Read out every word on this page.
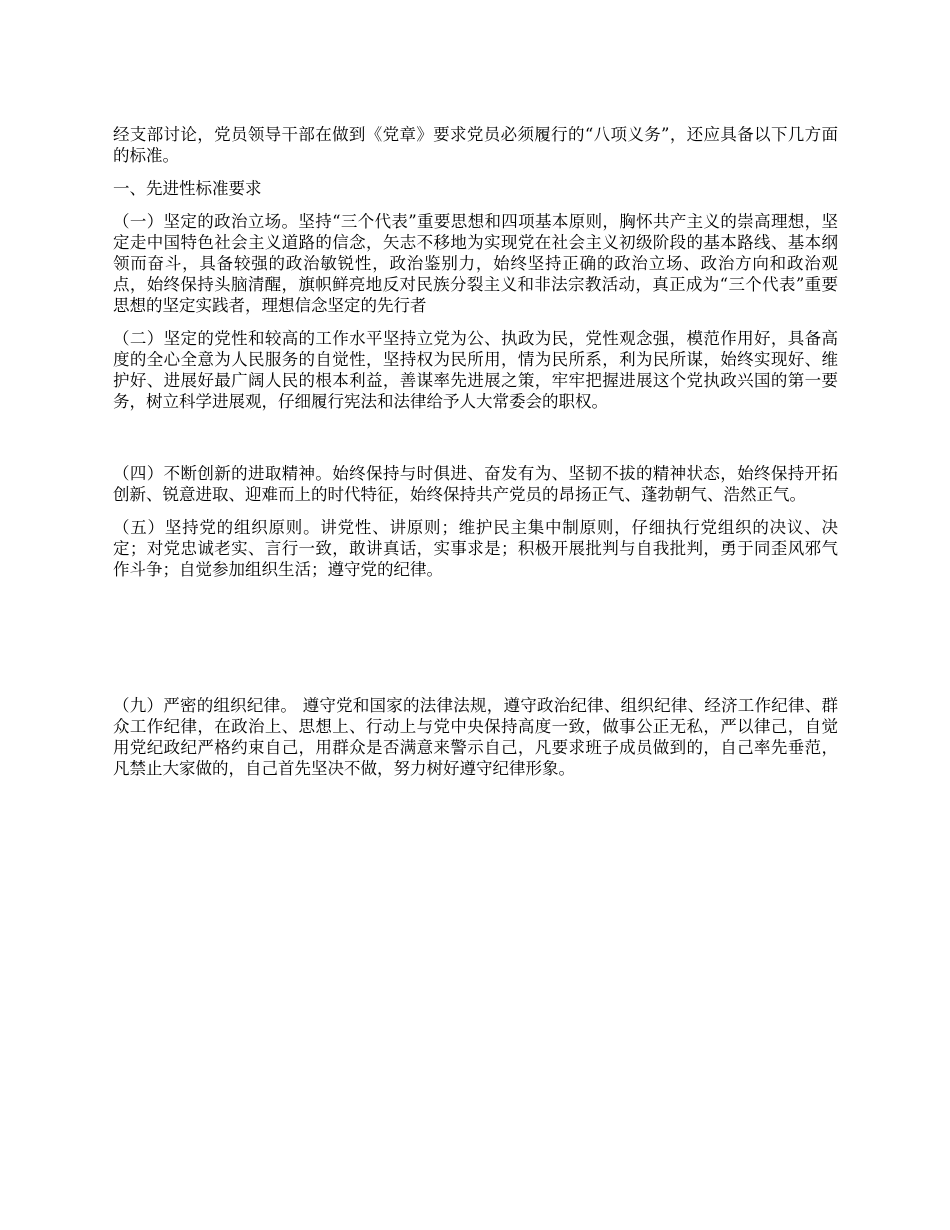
经支部讨论，党员领导干部在做到《党章》要求党员必须履行的“八项义务”，还应具备以下几方面的标准。

一、先进性标准要求

（一）坚定的政治立场。坚持“三个代表”重要思想和四项基本原则，胸怀共产主义的崇高理想，坚定走中国特色社会主义道路的信念，矢志不移地为实现党在社会主义初级阶段的基本路线、基本纲领而奋斗，具备较强的政治敏锐性，政治鉴别力，始终坚持正确的政治立场、政治方向和政治观点，始终保持头脑清醒，旗帜鲜亮地反对民族分裂主义和非法宗教活动，真正成为“三个代表”重要思想的坚定实践者，理想信念坚定的先行者

（二）坚定的党性和较高的工作水平坚持立党为公、执政为民，党性观念强，模范作用好，具备高度的全心全意为人民服务的自觉性，坚持权为民所用，情为民所系，利为民所谋，始终实现好、维护好、进展好最广阔人民的根本利益，善谋率先进展之策，牢牢把握进展这个党执政兴国的第一要务，树立科学进展观，仔细履行宪法和法律给予人大常委会的职权。

（四）不断创新的进取精神。始终保持与时俱进、奋发有为、坚韧不拔的精神状态，始终保持开拓创新、锐意进取、迎难而上的时代特征，始终保持共产党员的昂扬正气、蓬勃朝气、浩然正气。

（五）坚持党的组织原则。讲党性、讲原则；维护民主集中制原则，仔细执行党组织的决议、决定；对党忠诚老实、言行一致，敢讲真话，实事求是；积极开展批判与自我批判，勇于同歪风邪气作斗争；自觉参加组织生活；遵守党的纪律。

（九）严密的组织纪律。 遵守党和国家的法律法规，遵守政治纪律、组织纪律、经济工作纪律、群众工作纪律，在政治上、思想上、行动上与党中央保持高度一致，做事公正无私，严以律己，自觉用党纪政纪严格约束自己，用群众是否满意来警示自己，凡要求班子成员做到的，自己率先垂范，凡禁止大家做的，自己首先坚决不做，努力树好遵守纪律形象。
